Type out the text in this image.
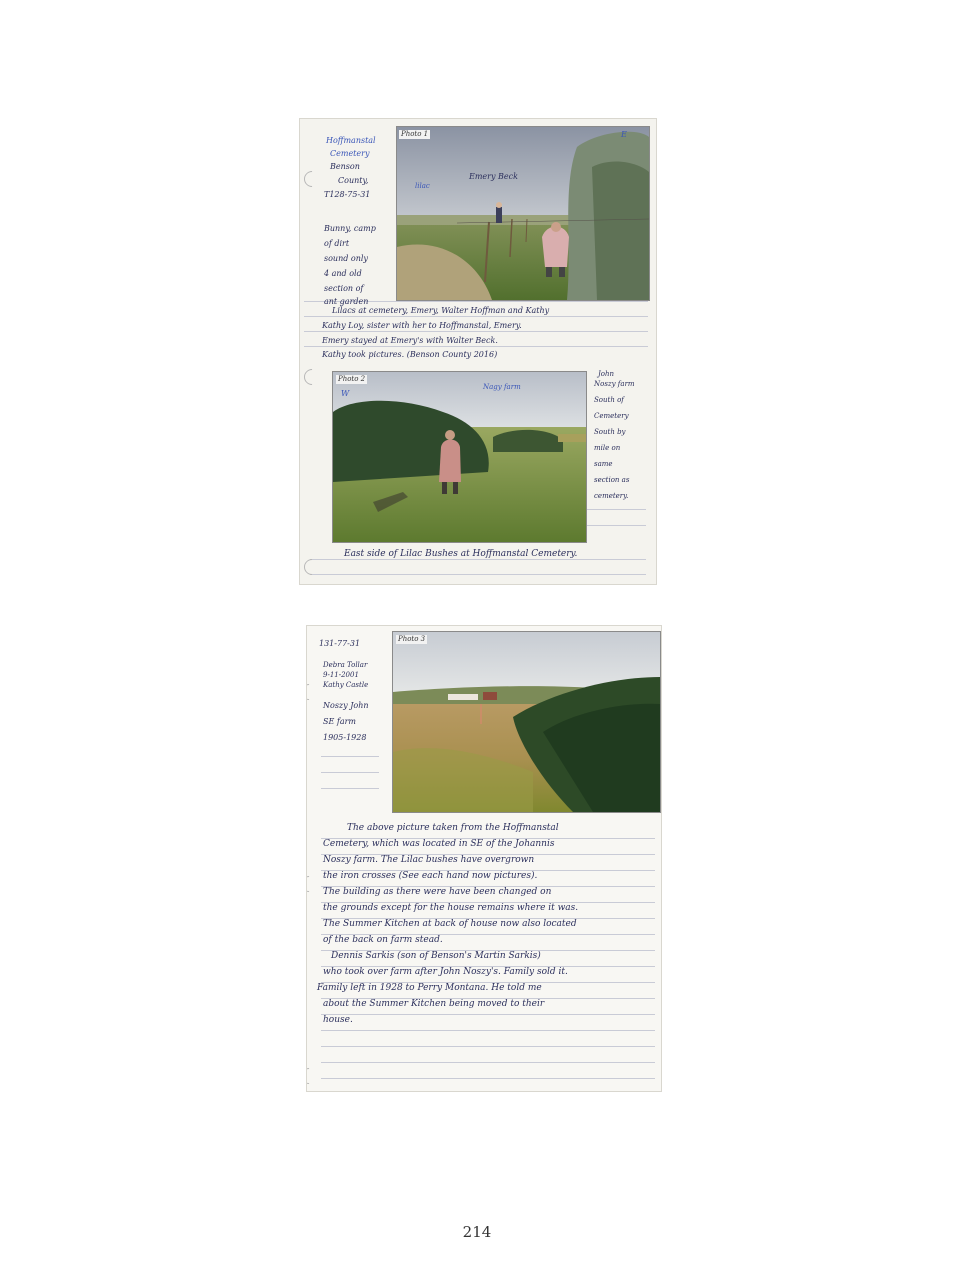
Hoffmanstal
Cemetery
Benson
County,
T128-75-31
Bunny, camp
of dirt
sound only
4 and old
section of
ant garden
Photo 1	E
Emery Beck
lilac
Lilacs at cemetery, Emery, Walter Hoffman and Kathy
Kathy Loy, sister with her to Hoffmanstal, Emery.
Emery stayed at Emery's with Walter Beck.
Kathy took pictures. (Benson County 2016)
Photo 2
W
Nagy farm
John
Noszy farm
South of
Cemetery
South by
mile on
same
section as
cemetery.
East side of Lilac Bushes at Hoffmanstal Cemetery.
131-77-31
Debra Tollar
9-11-2001
Kathy Castle
Noszy John
SE farm
1905-1928
Photo 3
The above picture taken from the Hoffmanstal
Cemetery, which was located in SE of the Johannis
Noszy farm. The Lilac bushes have overgrown
the iron crosses (See each hand now pictures).
The building as there were have been changed on
the grounds except for the house remains where it was.
The Summer Kitchen at back of house now also located
of the back on farm stead.
Dennis Sarkis (son of Benson's Martin Sarkis)
who took over farm after John Noszy's. Family sold it.
Family left in 1928 to Perry Montana. He told me
about the Summer Kitchen being moved to their
house.
214
